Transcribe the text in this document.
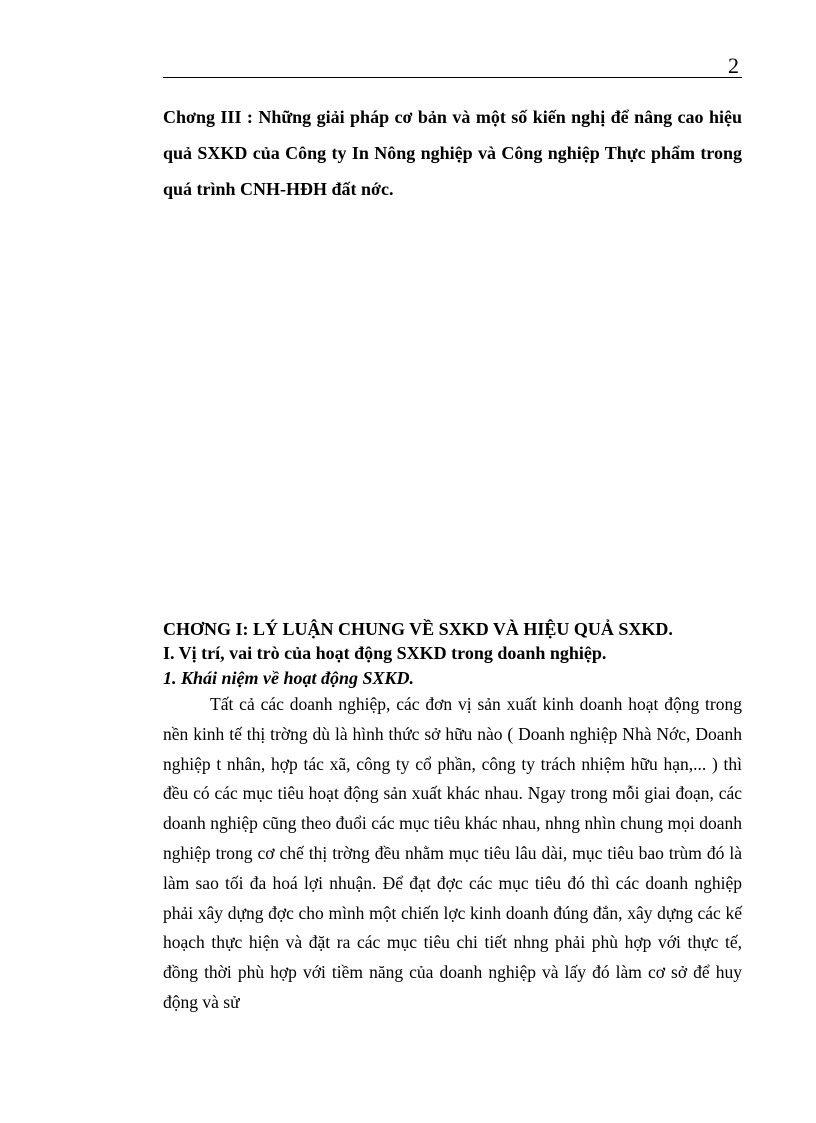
2
Chơng III : Những giải pháp cơ bản và một số kiến nghị để nâng cao hiệu quả SXKD của Công ty In Nông nghiệp và Công nghiệp Thực phẩm trong quá trình CNH-HĐH đất nớc.
CHƠNG I: LÝ LUẬN CHUNG VỀ SXKD VÀ HIỆU QUẢ SXKD.
I. Vị trí, vai trò của hoạt động SXKD trong doanh nghiệp.
1. Khái niệm về hoạt động SXKD.

Tất cả các doanh nghiệp, các đơn vị sản xuất kinh doanh hoạt động trong nền kinh tế thị trờng dù là hình thức sở hữu nào ( Doanh nghiệp Nhà Nớc, Doanh nghiệp t nhân, hợp tác xã, công ty cổ phần, công ty trách nhiệm hữu hạn,... ) thì đều có các mục tiêu hoạt động sản xuất khác nhau. Ngay trong mỗi giai đoạn, các doanh nghiệp cũng theo đuổi các mục tiêu khác nhau, nhng nhìn chung mọi doanh nghiệp trong cơ chế thị trờng đều nhằm mục tiêu lâu dài, mục tiêu bao trùm đó là làm sao tối đa hoá lợi nhuận. Để đạt đợc các mục tiêu đó thì các doanh nghiệp phải xây dựng đợc cho mình một chiến lợc kinh doanh đúng đắn, xây dựng các kế hoạch thực hiện và đặt ra các mục tiêu chi tiết nhng phải phù hợp với thực tế, đồng thời phù hợp với tiềm năng của doanh nghiệp và lấy đó làm cơ sở để huy động và sử
